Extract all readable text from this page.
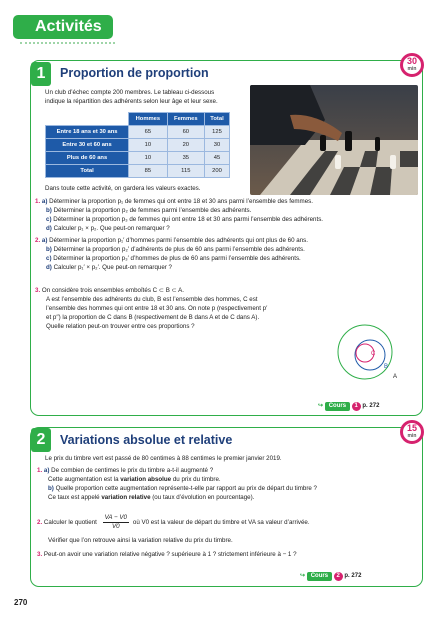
Activités
1	Proportion de proportion
30
min
Un club d’échec compte 200 membres. Le tableau ci-dessous
indique la répartition des adhérents selon leur âge et leur sexe.
	Hommes	Femmes	Total
Entre 18 ans et 30 ans	65	60	125
Entre 30 et 60 ans	10	20	30
Plus de 60 ans	10	35	45
Total	85	115	200
Dans toute cette activité, on gardera les valeurs exactes.
1. a) Déterminer la proportion p₁ de femmes qui ont entre 18 et 30 ans parmi l’ensemble des femmes.
b) Déterminer la proportion p₂ de femmes parmi l’ensemble des adhérents.
c) Déterminer la proportion p₃ de femmes qui ont entre 18 et 30 ans parmi l’ensemble des adhérents.
d) Calculer p₁ × p₂. Que peut-on remarquer ?
2. a) Déterminer la proportion p₁′ d’hommes parmi l’ensemble des adhérents qui ont plus de 60 ans.
b) Déterminer la proportion p₂′ d’adhérents de plus de 60 ans parmi l’ensemble des adhérents.
c) Déterminer la proportion p₃′ d’hommes de plus de 60 ans parmi l’ensemble des adhérents.
d) Calculer p₁′ × p₂′. Que peut-on remarquer ?
3. On considère trois ensembles emboîtés C ⊂ B ⊂ A.
A est l’ensemble des adhérents du club, B est l’ensemble des hommes, C est
l’ensemble des hommes qui ont entre 18 et 30 ans. On note p (respectivement p′
et p′′) la proportion de C dans B (respectivement de B dans A et de C dans A).
Quelle relation peut-on trouver entre ces proportions ?
C
B
A
↪ Cours 1 p. 272
2	Variations absolue et relative
15
min
Le prix du timbre vert est passé de 80 centimes à 88 centimes le premier janvier 2019.
1. a) De combien de centimes le prix du timbre a-t-il augmenté ?
Cette augmentation est la variation absolue du prix du timbre.
b) Quelle proportion cette augmentation représente-t-elle par rapport au prix de départ du timbre ?
Ce taux est appelé variation relative (ou taux d’évolution en pourcentage).
2.
Calculer le quotient
$\frac{VA - V0}{V0}$ où V0 est la valeur de départ du timbre et VA sa valeur d’arrivée.
Vérifier que l’on retrouve ainsi la variation relative du prix du timbre.
3. Peut-on avoir une variation relative négative ? supérieure à 1 ? strictement inférieure à − 1 ?
↪ Cours 2 p. 272
270
